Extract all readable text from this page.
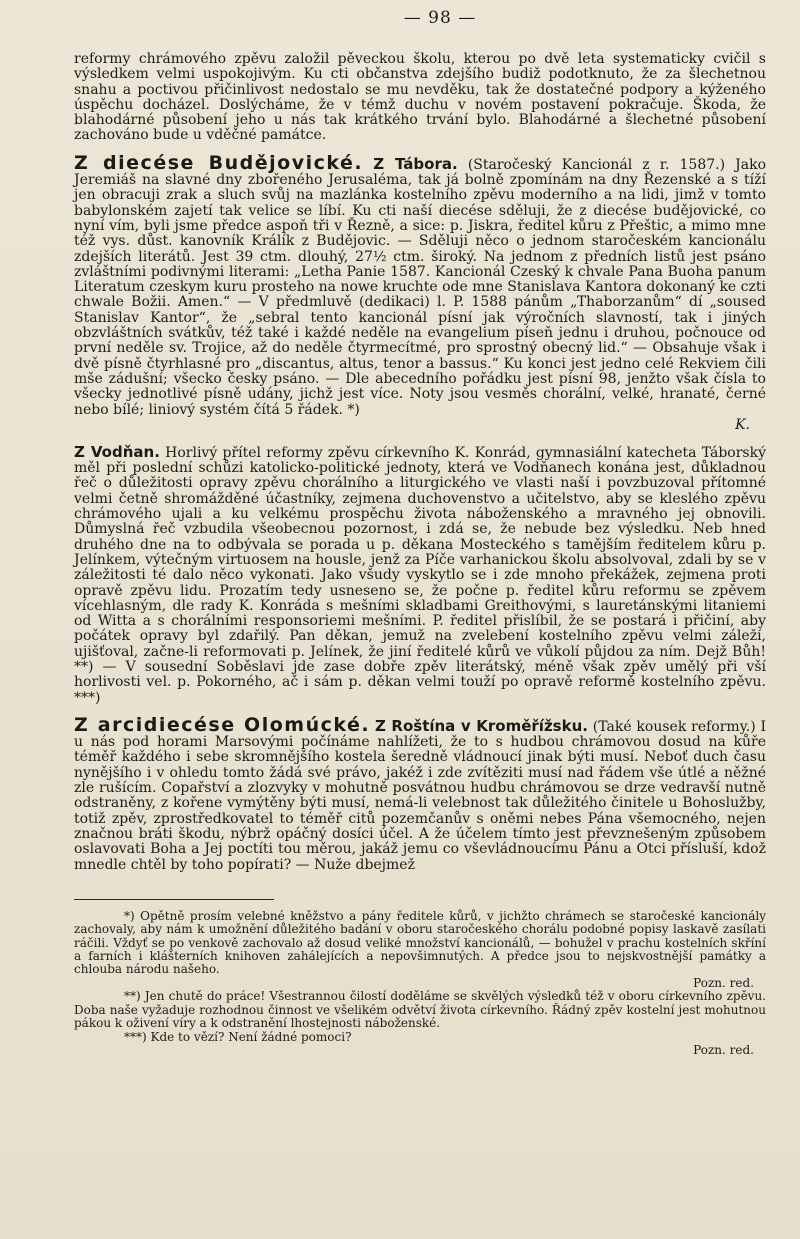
— 98 —

reformy chrámového zpěvu založil pěveckou školu, kterou po dvě leta systematicky cvičil s výsledkem velmi uspokojivým. Ku cti občanstva zdejšího budiž podotknuto, že za šlechetnou snahu a poctivou přičinlivost nedostalo se mu nevděku, tak že dostatečné podpory a kýženého úspěchu docházel. Doslýcháme, že v témž duchu v novém postavení pokračuje. Škoda, že blahodárné působení jeho u nás tak krátkého trvání bylo. Blahodárné a šlechetné působení zachováno bude u vděčné památce.

Z diecése Budějovické. Z Tábora. (Staročeský Kancionál z r. 1587.) Jako Jeremiáš na slavné dny zbořeného Jerusaléma, tak já bolně zpomínám na dny Řezenské a s tíží jen obracuji zrak a sluch svůj na mazlánka kostelního zpěvu moderního a na lidi, jimž v tomto babylonském zajetí tak velice se líbí. Ku cti naší diecése sděluji, že z diecése budějovické, co nyní vím, byli jsme předce aspoň tři v Řezně, a sice: p. Jiskra, ředitel kůru z Přeštic, a mimo mne též vys. důst. kanovník Králík z Budějovic. — Sděluji něco o jednom staročeském kancionálu zdejších literátů. Jest 39 ctm. dlouhý, 27½ ctm. široký. Na jednom z předních listů jest psáno zvláštními podivnými literami: „Letha Panie 1587. Kancionál Czeský k chvale Pana Buoha panum Literatum czeskym kuru prosteho na nowe kruchte ode mne Stanislava Kantora dokonaný ke czti chwale Božii. Amen.“ — V předmluvě (dedikaci) l. P. 1588 pánům „Thaborzanům“ dí „soused Stanislav Kantor“, že „sebral tento kancionál písní jak výročních slavností, tak i jiných obzvláštních svátkův, též také i každé neděle na evangelium píseň jednu i druhou, počnouce od první neděle sv. Trojice, až do neděle čtyrmecítmé, pro sprostný obecný lid.“ — Obsahuje však i dvě písně čtyrhlasné pro „discantus, altus, tenor a bassus.“ Ku konci jest jedno celé Rekviem čili mše zádušní; všecko česky psáno. — Dle abecedního pořádku jest písní 98, jenžto však čísla to všecky jednotlivé písně udány, jichž jest více. Noty jsou vesměs chorální, velké, hranaté, černé nebo bílé; liniový systém čítá 5 řádek. *)

K.

Z Vodňan. Horlivý přítel reformy zpěvu církevního K. Konrád, gymnasiální katecheta Táborský měl při poslední schůzi katolicko-politické jednoty, která ve Vodňanech konána jest, důkladnou řeč o důležitosti opravy zpěvu chorálního a liturgického ve vlasti naší i povzbuzoval přítomné velmi četně shromážděné účastníky, zejmena duchovenstvo a učitelstvo, aby se kleslého zpěvu chrámového ujali a ku velkému prospěchu života náboženského a mravného jej obnovili. Důmyslná řeč vzbudila všeobecnou pozornost, i zdá se, že nebude bez výsledku. Neb hned druhého dne na to odbývala se porada u p. děkana Mosteckého s tamějším ředitelem kůru p. Jelínkem, výtečným virtuosem na housle, jenž za Píče varhanickou školu absolvoval, zdali by se v záležitosti té dalo něco vykonati. Jako všudy vyskytlo se i zde mnoho překážek, zejmena proti opravě zpěvu lidu. Prozatím tedy usneseno se, že počne p. ředitel kůru reformu se zpěvem vícehlasným, dle rady K. Konráda s mešními skladbami Greithovými, s lauretánskými litaniemi od Witta a s chorálními responsoriemi mešními. P. ředitel přislíbil, že se postará i přičiní, aby počátek opravy byl zdařilý. Pan děkan, jemuž na zvelebení kostelního zpěvu velmi záleží, ujišťoval, začne-li reformovati p. Jelínek, že jiní ředitelé kůrů ve vůkolí půjdou za ním. Dejž Bůh! **) — V sousední Soběslavi jde zase dobře zpěv literátský, méně však zpěv umělý při vší horlivosti vel. p. Pokorného, ač i sám p. děkan velmi touží po opravě reformě kostelního zpěvu. ***)

Z arcidiecése Olomúcké. Z Roštína v Kroměřížsku. (Také kousek reformy.) I u nás pod horami Marsovými počínáme nahlížeti, že to s hudbou chrámovou dosud na kůře téměř každého i sebe skromnějšího kostela šeredně vládnoucí jinak býti musí. Neboť duch času nynějšího i v ohledu tomto žádá své právo, jakéž i zde zvítěziti musí nad řádem vše útlé a něžné zle rušícím. Copařství a zlozvyky v mohutně posvátnou hudbu chrámovou se drze vedravší nutně odstraněny, z kořene vymýtěny býti musí, nemá-li velebnost tak důležitého činitele u Bohoslužby, totiž zpěv, zprostředkovatel to téměř citů pozemčanův s oněmi nebes Pána všemocného, nejen značnou bráti škodu, nýbrž opáčný dosíci účel. A že účelem tímto jest převznešeným způsobem oslavovati Boha a Jej poctíti tou měrou, jakáž jemu co vševládnoucímu Pánu a Otci přísluší, kdož mnedle chtěl by toho popírati? — Nuže dbejmež

*) Opětně prosím velebné kněžstvo a pány ředitele kůrů, v jichžto chrámech se staročeské kancionály zachovaly, aby nám k umožnění důležitého badání v oboru staročeského chorálu podobné popisy laskavě zasílati ráčili. Vždyť se po venkově zachovalo až dosud veliké množství kancionálů, — bohužel v prachu kostelních skříní a farních i klášterních knihoven zahálejících a nepovšimnutých. A předce jsou to nejskvostnější památky a chlouba národu našeho.

Pozn. red.

**) Jen chutě do práce! Všestrannou čilostí doděláme se skvělých výsledků též v oboru církevního zpěvu. Doba naše vyžaduje rozhodnou činnost ve všelikém odvětví života církevního. Řádný zpěv kostelní jest mohutnou pákou k oživení víry a k odstranění lhostejnosti náboženské.

***) Kde to vězí? Není žádné pomoci?

Pozn. red.
